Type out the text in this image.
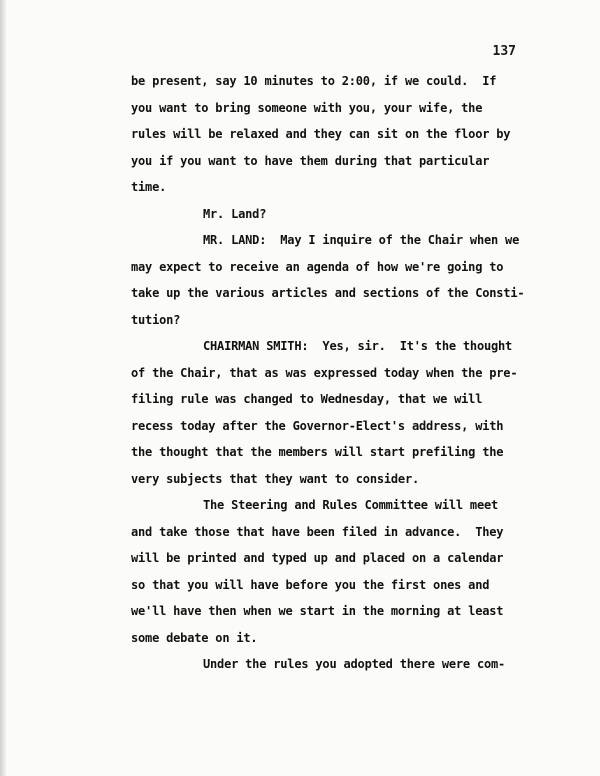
137
be present, say 10 minutes to 2:00, if we could.  If
you want to bring someone with you, your wife, the
rules will be relaxed and they can sit on the floor by
you if you want to have them during that particular
time.
Mr. Land?
MR. LAND:  May I inquire of the Chair when we
may expect to receive an agenda of how we're going to
take up the various articles and sections of the Consti-
tution?
CHAIRMAN SMITH:  Yes, sir.  It's the thought
of the Chair, that as was expressed today when the pre-
filing rule was changed to Wednesday, that we will
recess today after the Governor-Elect's address, with
the thought that the members will start prefiling the
very subjects that they want to consider.
The Steering and Rules Committee will meet
and take those that have been filed in advance.  They
will be printed and typed up and placed on a calendar
so that you will have before you the first ones and
we'll have then when we start in the morning at least
some debate on it.
Under the rules you adopted there were com-
